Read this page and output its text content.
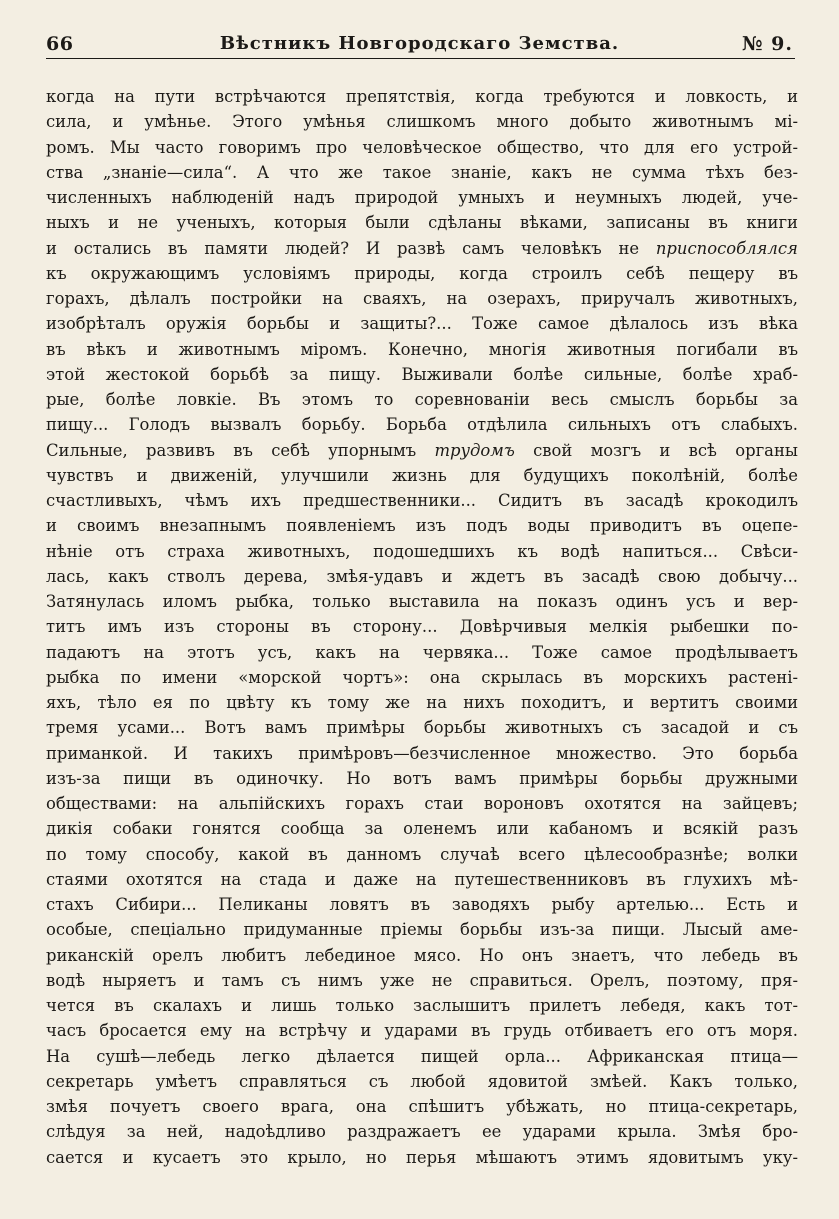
66	Вѣстникъ Новгородскаго Земства.	№ 9.
когда на пути встрѣчаются препятствія, когда требуются и ловкость, и
сила, и умѣнье. Этого умѣнья слишкомъ много добыто животнымъ мі-
ромъ. Мы часто говоримъ про человѣческое общество, что для его устрой-
ства „знаніе—сила“. А что же такое знаніе, какъ не сумма тѣхъ без-
численныхъ наблюденій надъ природой умныхъ и неумныхъ людей, уче-
ныхъ и не ученыхъ, которыя были сдѣланы вѣками, записаны въ книги
и остались въ памяти людей? И развѣ самъ человѣкъ не приспособлялся
къ окружающимъ условіямъ природы, когда строилъ себѣ пещеру въ
горахъ, дѣлалъ постройки на сваяхъ, на озерахъ, приручалъ животныхъ,
изобрѣталъ оружія борьбы и защиты?... Тоже самое дѣлалось изъ вѣка
въ вѣкъ и животнымъ міромъ. Конечно, многія животныя погибали въ
этой жестокой борьбѣ за пищу. Выживали болѣе сильные, болѣе храб-
рые, болѣе ловкіе. Въ этомъ то соревнованіи весь смыслъ борьбы за
пищу... Голодъ вызвалъ борьбу. Борьба отдѣлила сильныхъ отъ слабыхъ.
Сильные, развивъ въ себѣ упорнымъ трудомъ свой мозгъ и всѣ органы
чувствъ и движеній, улучшили жизнь для будущихъ поколѣній, болѣе
счастливыхъ, чѣмъ ихъ предшественники... Сидитъ въ засадѣ крокодилъ
и своимъ внезапнымъ появленіемъ изъ подъ воды приводитъ въ оцепе-
нѣніе отъ страха животныхъ, подошедшихъ къ водѣ напиться... Свѣси-
лась, какъ стволъ дерева, змѣя-удавъ и ждетъ въ засадѣ свою добычу...
Затянулась иломъ рыбка, только выставила на показъ одинъ усъ и вер-
титъ имъ изъ стороны въ сторону... Довѣрчивыя мелкія рыбешки по-
падаютъ на этотъ усъ, какъ на червяка... Тоже самое продѣлываетъ
рыбка по имени «морской чортъ»: она скрылась въ морскихъ растені-
яхъ, тѣло ея по цвѣту къ тому же на нихъ походитъ, и вертитъ своими
тремя усами... Вотъ вамъ примѣры борьбы животныхъ съ засадой и съ
приманкой. И такихъ примѣровъ—безчисленное множество. Это борьба
изъ-за пищи въ одиночку. Но вотъ вамъ примѣры борьбы дружными
обществами: на альпійскихъ горахъ стаи вороновъ охотятся на зайцевъ;
дикія собаки гонятся сообща за оленемъ или кабаномъ и всякій разъ
по тому способу, какой въ данномъ случаѣ всего цѣлесообразнѣе; волки
стаями охотятся на стада и даже на путешественниковъ въ глухихъ мѣ-
стахъ Сибири... Пеликаны ловятъ въ заводяхъ рыбу артелью... Есть и
особые, спеціально придуманные пріемы борьбы изъ-за пищи. Лысый аме-
риканскій орелъ любитъ лебединое мясо. Но онъ знаетъ, что лебедь въ
водѣ ныряетъ и тамъ съ нимъ уже не справиться. Орелъ, поэтому, пря-
чется въ скалахъ и лишь только заслышитъ прилетъ лебедя, какъ тот-
часъ бросается ему на встрѣчу и ударами въ грудь отбиваетъ его отъ моря.
На сушѣ—лебедь легко дѣлается пищей орла... Африканская птица—
секретарь умѣетъ справляться съ любой ядовитой змѣей. Какъ только,
змѣя почуетъ своего врага, она спѣшитъ убѣжать, но птица-секретарь,
слѣдуя за ней, надоѣдливо раздражаетъ ее ударами крыла. Змѣя бро-
сается и кусаетъ это крыло, но перья мѣшаютъ этимъ ядовитымъ уку-
